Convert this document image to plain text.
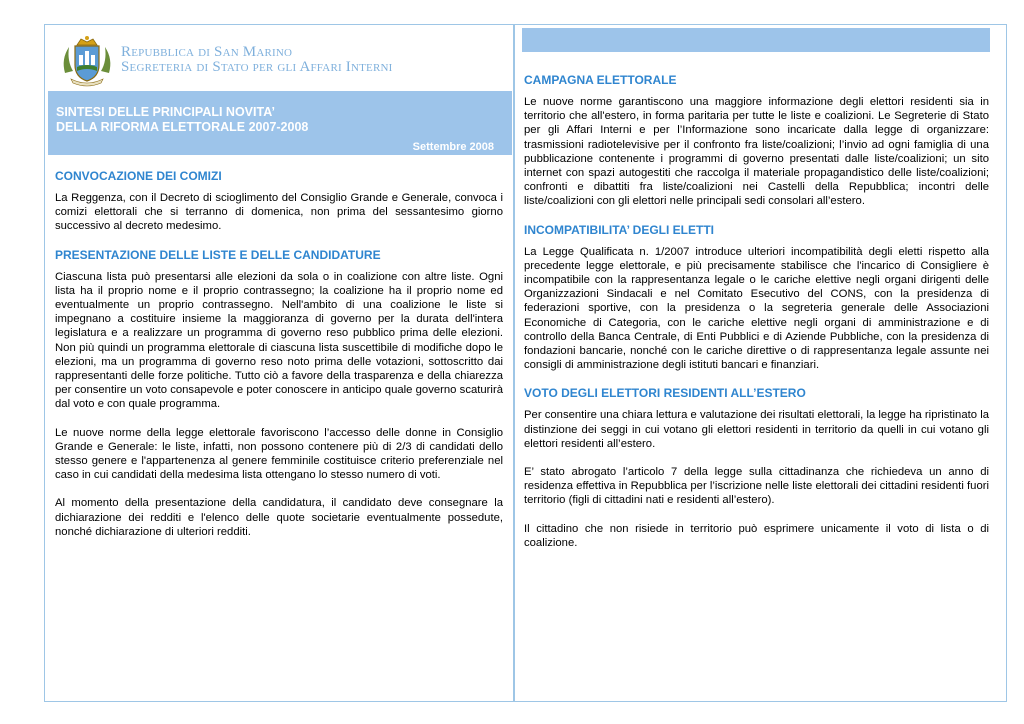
Repubblica di San Marino
Segreteria di Stato per gli Affari Interni
SINTESI DELLE PRINCIPALI NOVITA’
DELLA RIFORMA ELETTORALE 2007-2008
Settembre 2008
CONVOCAZIONE DEI COMIZI

La Reggenza, con il Decreto di scioglimento del Consiglio Grande e Generale, convoca i comizi elettorali che si terranno di domenica, non prima del sessantesimo giorno successivo al decreto medesimo.

PRESENTAZIONE DELLE LISTE E DELLE CANDIDATURE

Ciascuna lista può presentarsi alle elezioni da sola o in coalizione con altre liste. Ogni lista ha il proprio nome e il proprio contrassegno; la coalizione ha il proprio nome ed eventualmente un proprio contrassegno. Nell'ambito di una coalizione le liste si impegnano a costituire insieme la maggioranza di governo per la durata dell'intera legislatura e a realizzare un programma di governo reso pubblico prima delle elezioni. Non più quindi un programma elettorale di ciascuna lista suscettibile di modifiche dopo le elezioni, ma un programma di governo reso noto prima delle votazioni, sottoscritto dai rappresentanti delle forze politiche. Tutto ciò a favore della trasparenza e della chiarezza per consentire un voto consapevole e poter conoscere in anticipo quale governo scaturirà dal voto e con quale programma.

Le nuove norme della legge elettorale favoriscono l’accesso delle donne in Consiglio Grande e Generale: le liste, infatti, non possono contenere più di 2/3 di candidati dello stesso genere e l'appartenenza al genere femminile costituisce criterio preferenziale nel caso in cui candidati della medesima lista ottengano lo stesso numero di voti.

Al momento della presentazione della candidatura, il candidato deve consegnare la dichiarazione dei redditi e l'elenco delle quote societarie eventualmente possedute, nonché dichiarazione di ulteriori redditi.

CAMPAGNA ELETTORALE

Le nuove norme garantiscono una maggiore informazione degli elettori residenti sia in territorio che all'estero, in forma paritaria per tutte le liste e coalizioni. Le Segreterie di Stato per gli Affari Interni e per l’Informazione sono incaricate dalla legge di organizzare: trasmissioni radiotelevisive per il confronto fra liste/coalizioni; l’invio ad ogni famiglia di una pubblicazione contenente i programmi di governo presentati dalle liste/coalizioni; un sito internet con spazi autogestiti che raccolga il materiale propagandistico delle liste/coalizioni; confronti e dibattiti fra liste/coalizioni nei Castelli della Repubblica; incontri delle liste/coalizioni con gli elettori nelle principali sedi consolari all’estero.

INCOMPATIBILITA’ DEGLI ELETTI

La Legge Qualificata n. 1/2007 introduce ulteriori incompatibilità degli eletti rispetto alla precedente legge elettorale, e più precisamente stabilisce che l'incarico di Consigliere è incompatibile con la rappresentanza legale o le cariche elettive negli organi dirigenti delle Organizzazioni Sindacali e nel Comitato Esecutivo del CONS, con la presidenza di federazioni sportive, con la presidenza o la segreteria generale delle Associazioni Economiche di Categoria, con le cariche elettive negli organi di amministrazione e di controllo della Banca Centrale, di Enti Pubblici e di Aziende Pubbliche, con la presidenza di fondazioni bancarie, nonché con le cariche direttive o di rappresentanza legale assunte nei consigli di amministrazione degli istituti bancari e finanziari.

VOTO DEGLI ELETTORI RESIDENTI ALL’ESTERO

Per consentire una chiara lettura e valutazione dei risultati elettorali, la legge ha ripristinato la distinzione dei seggi in cui votano gli elettori residenti in territorio da quelli in cui votano gli elettori residenti all’estero.

E’ stato abrogato l’articolo 7 della legge sulla cittadinanza che richiedeva un anno di residenza effettiva in Repubblica per l’iscrizione nelle liste elettorali dei cittadini residenti fuori territorio (figli di cittadini nati e residenti all’estero).

Il cittadino che non risiede in territorio può esprimere unicamente il voto di lista o di coalizione.
